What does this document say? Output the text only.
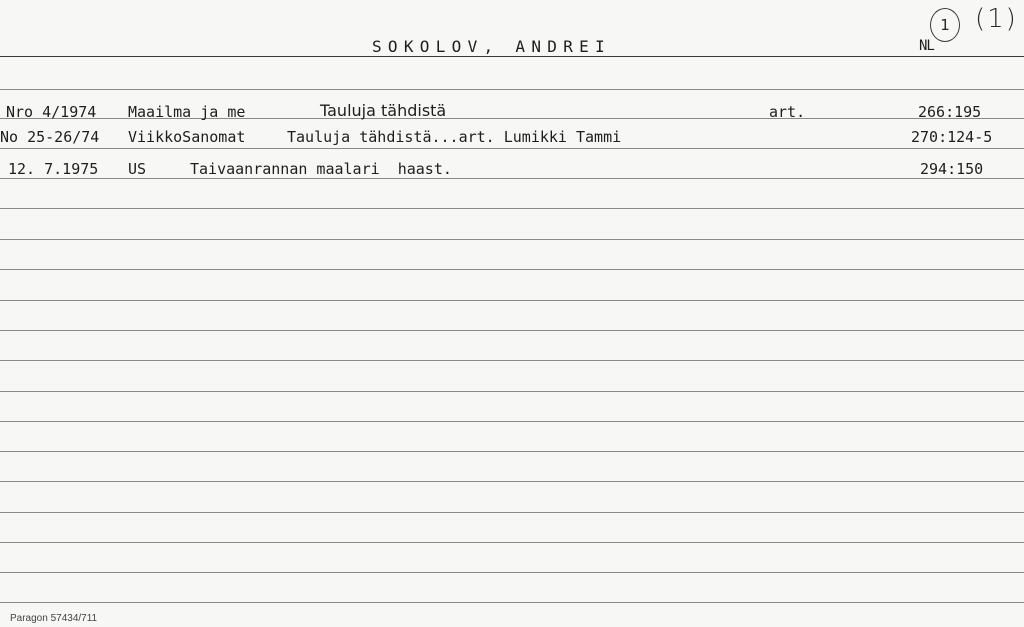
SOKOLOV, ANDREI	NL
1 (1)
Nro 4/1974 Maailma ja me	Tauluja tähdistä	art.	266:195
No 25-26/74 ViikkoSanomat	Tauluja tähdistä...art. Lumikki Tammi	270:124-5
12. 7.1975 US	Taivaanrannan maalari  haast.	294:150
Paragon 57434/711
